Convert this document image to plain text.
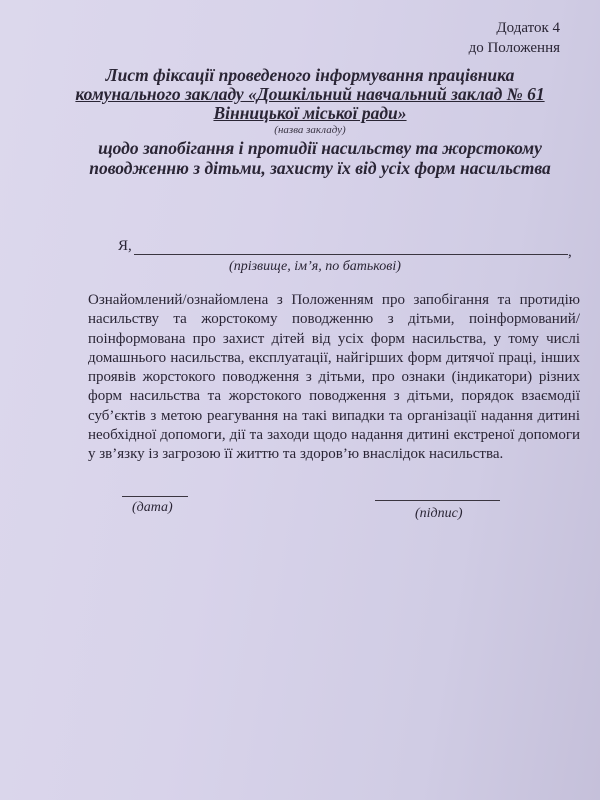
Додаток 4
до Положення
Лист фіксації проведеного інформування працівника
комунального закладу «Дошкільний навчальний заклад № 61
Вінницької міської ради»
(назва закладу)
щодо запобігання і протидії насильству та жорстокому
поводженню з дітьми, захисту їх від усіх форм насильства
Я,	,
(прізвище, ім’я, по батькові)
Ознайомлений/ознайомлена з Положенням про запобігання та протидію насильству та жорстокому поводженню з дітьми, поінформований/поінформована про захист дітей від усіх форм насильства, у тому числі домашнього насильства, експлуатації, найгірших форм дитячої праці, інших проявів жорстокого поводження з дітьми, про ознаки (індикатори) різних форм насильства та жорстокого поводження з дітьми, порядок взаємодії суб’єктів з метою реагування на такі випадки та організації надання дитині необхідної допомоги, дії та заходи щодо надання дитині екстреної допомоги у зв’язку із загрозою її життю та здоров’ю внаслідок насильства.
(дата)	(підпис)
